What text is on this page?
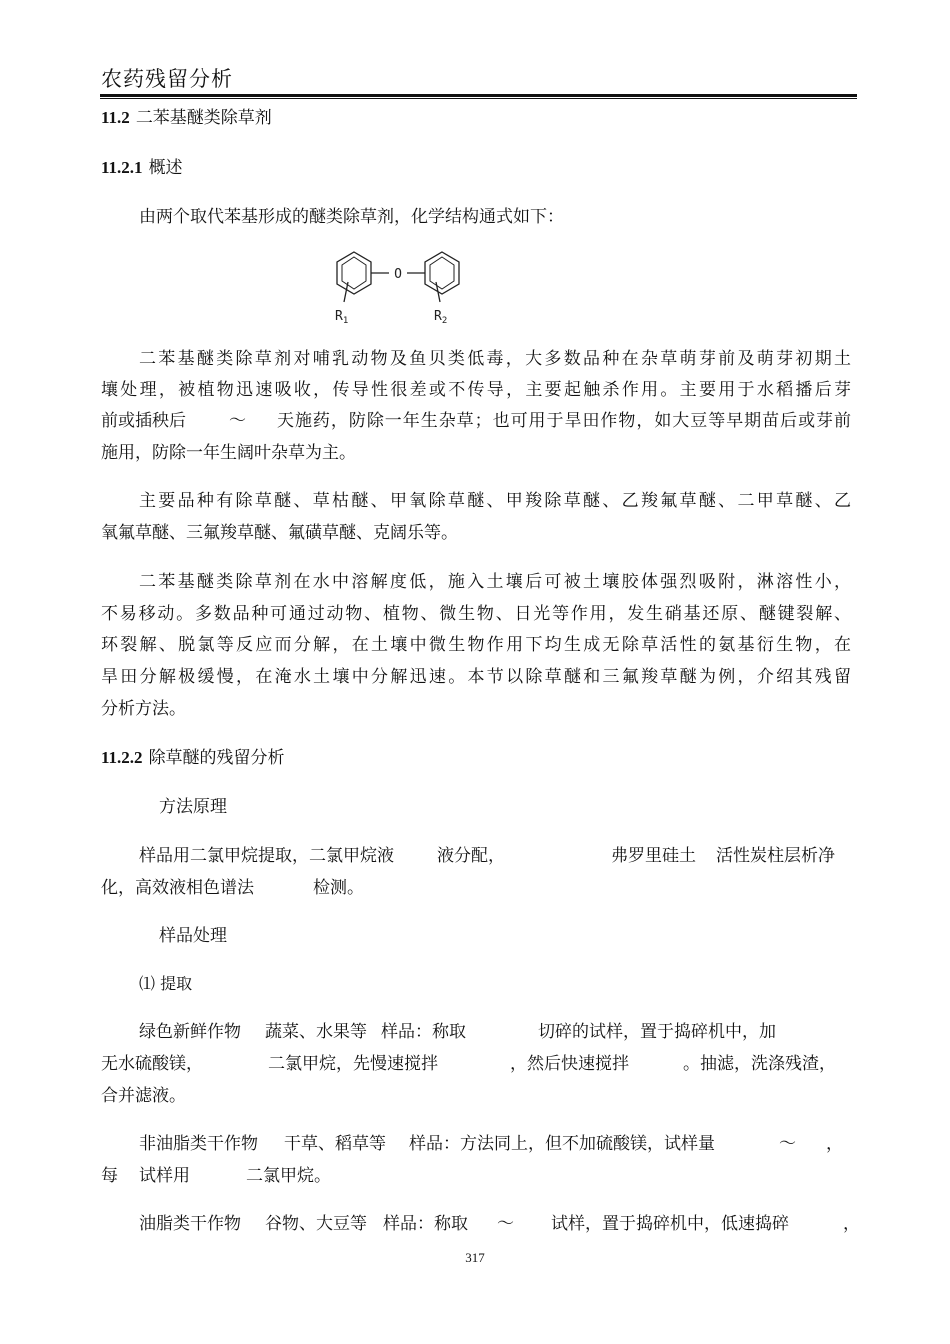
农药残留分析
11.2 二苯基醚类除草剂
11.2.1 概述
由两个取代苯基形成的醚类除草剂，化学结构通式如下：
O
$R_1$	$R_2$
二苯基醚类除草剂对哺乳动物及鱼贝类低毒，大多数品种在杂草萌芽前及萌芽初期土
壤处理，被植物迅速吸收，传导性很差或不传导，主要起触杀作用。主要用于水稻播后芽
前或插秧后	～ 天施药，防除一年生杂草；也可用于旱田作物，如大豆等早期苗后或芽前
施用，防除一年生阔叶杂草为主。
主要品种有除草醚、草枯醚、甲氧除草醚、甲羧除草醚、乙羧氟草醚、二甲草醚、乙
氧氟草醚、三氟羧草醚、氟磺草醚、克阔乐等。
二苯基醚类除草剂在水中溶解度低，施入土壤后可被土壤胶体强烈吸附，淋溶性小，
不易移动。多数品种可通过动物、植物、微生物、日光等作用，发生硝基还原、醚键裂解、
环裂解、脱氯等反应而分解，在土壤中微生物作用下均生成无除草活性的氨基衍生物，在
旱田分解极缓慢，在淹水土壤中分解迅速。本节以除草醚和三氟羧草醚为例，介绍其残留
分析方法。
11.2.2 除草醚的残留分析
方法原理
样品用二氯甲烷提取，二氯甲烷液	液分配，	弗罗里硅土 活性炭柱层析净
化，高效液相色谱法	检测。
样品处理
⑴ 提取
绿色新鲜作物 蔬菜、水果等 样品：称取	切碎的试样，置于捣碎机中，加
无水硫酸镁，	二氯甲烷，先慢速搅拌	，然后快速搅拌	。抽滤，洗涤残渣，
合并滤液。
非油脂类干作物 干草、稻草等 样品：方法同上，但不加硫酸镁，试样量	～ ，
每 试样用	二氯甲烷。
油脂类干作物 谷物、大豆等 样品：称取 ～ 试样，置于捣碎机中，低速捣碎	，
317
